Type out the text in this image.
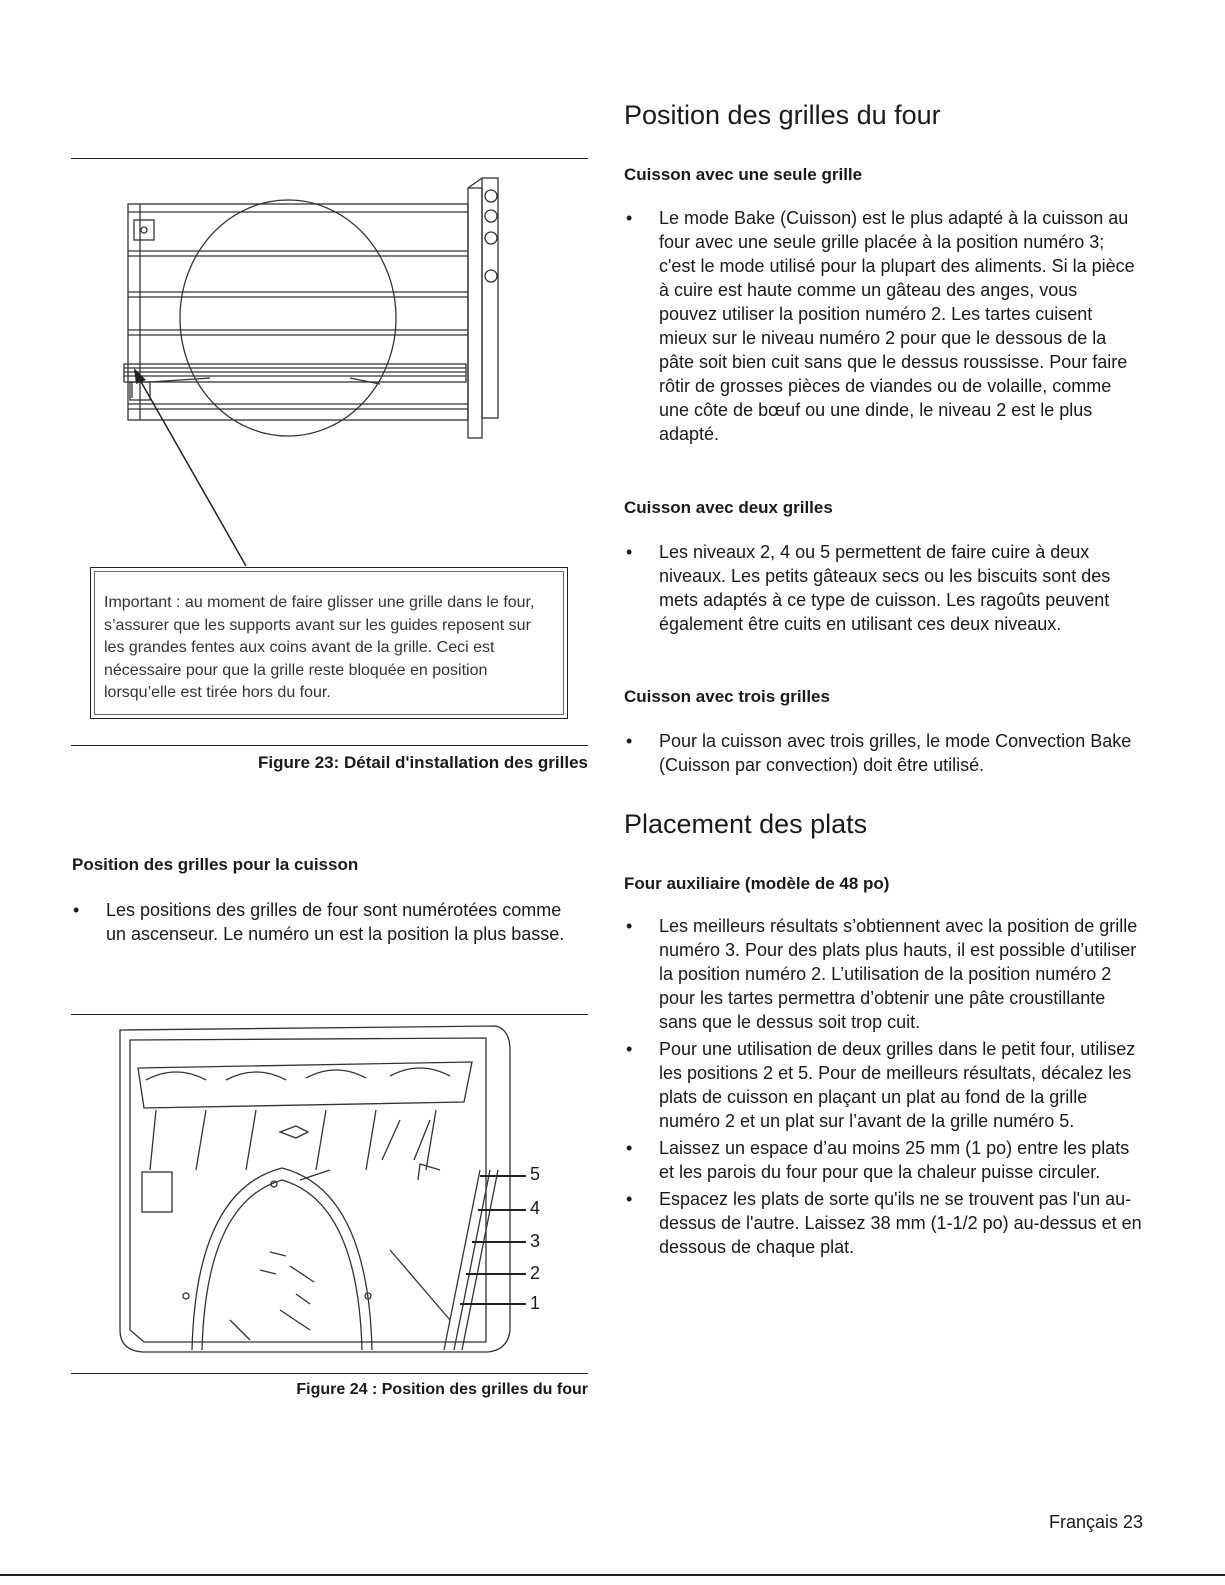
Important : au moment de faire glisser une grille dans le four, s’assurer que les supports avant sur les guides reposent sur les grandes fentes aux coins avant de la grille. Ceci est nécessaire pour que la grille reste bloquée en position lorsqu’elle est tirée hors du four.
Figure 23: Détail d'installation des grilles
Position des grilles pour la cuisson
• Les positions des grilles de four sont numérotées comme un ascenseur. Le numéro un est la position la plus basse.
5
4
3
2
1
Figure 24 : Position des grilles du four
Position des grilles du four
Cuisson avec une seule grille
• Le mode Bake (Cuisson) est le plus adapté à la cuisson au four avec une seule grille placée à la position numéro 3; c'est le mode utilisé pour la plupart des aliments. Si la pièce à cuire est haute comme un gâteau des anges, vous pouvez utiliser la position numéro 2. Les tartes cuisent mieux sur le niveau numéro 2 pour que le dessous de la pâte soit bien cuit sans que le dessus roussisse. Pour faire rôtir de grosses pièces de viandes ou de volaille, comme une côte de bœuf ou une dinde, le niveau 2 est le plus adapté.
Cuisson avec deux grilles
• Les niveaux 2, 4 ou 5 permettent de faire cuire à deux niveaux. Les petits gâteaux secs ou les biscuits sont des mets adaptés à ce type de cuisson. Les ragoûts peuvent également être cuits en utilisant ces deux niveaux.
Cuisson avec trois grilles
• Pour la cuisson avec trois grilles, le mode Convection Bake (Cuisson par convection) doit être utilisé.
Placement des plats
Four auxiliaire (modèle de 48 po)
• Les meilleurs résultats s’obtiennent avec la position de grille numéro 3. Pour des plats plus hauts, il est possible d’utiliser la position numéro 2. L’utilisation de la position numéro 2 pour les tartes permettra d’obtenir une pâte croustillante sans que le dessus soit trop cuit.
• Pour une utilisation de deux grilles dans le petit four, utilisez les positions 2 et 5. Pour de meilleurs résultats, décalez les plats de cuisson en plaçant un plat au fond de la grille numéro 2 et un plat sur l’avant de la grille numéro 5.
• Laissez un espace d’au moins 25 mm (1 po) entre les plats et les parois du four pour que la chaleur puisse circuler.
• Espacez les plats de sorte qu'ils ne se trouvent pas l'un au-dessus de l'autre. Laissez 38 mm (1-1/2 po) au-dessus et en dessous de chaque plat.
Français 23
